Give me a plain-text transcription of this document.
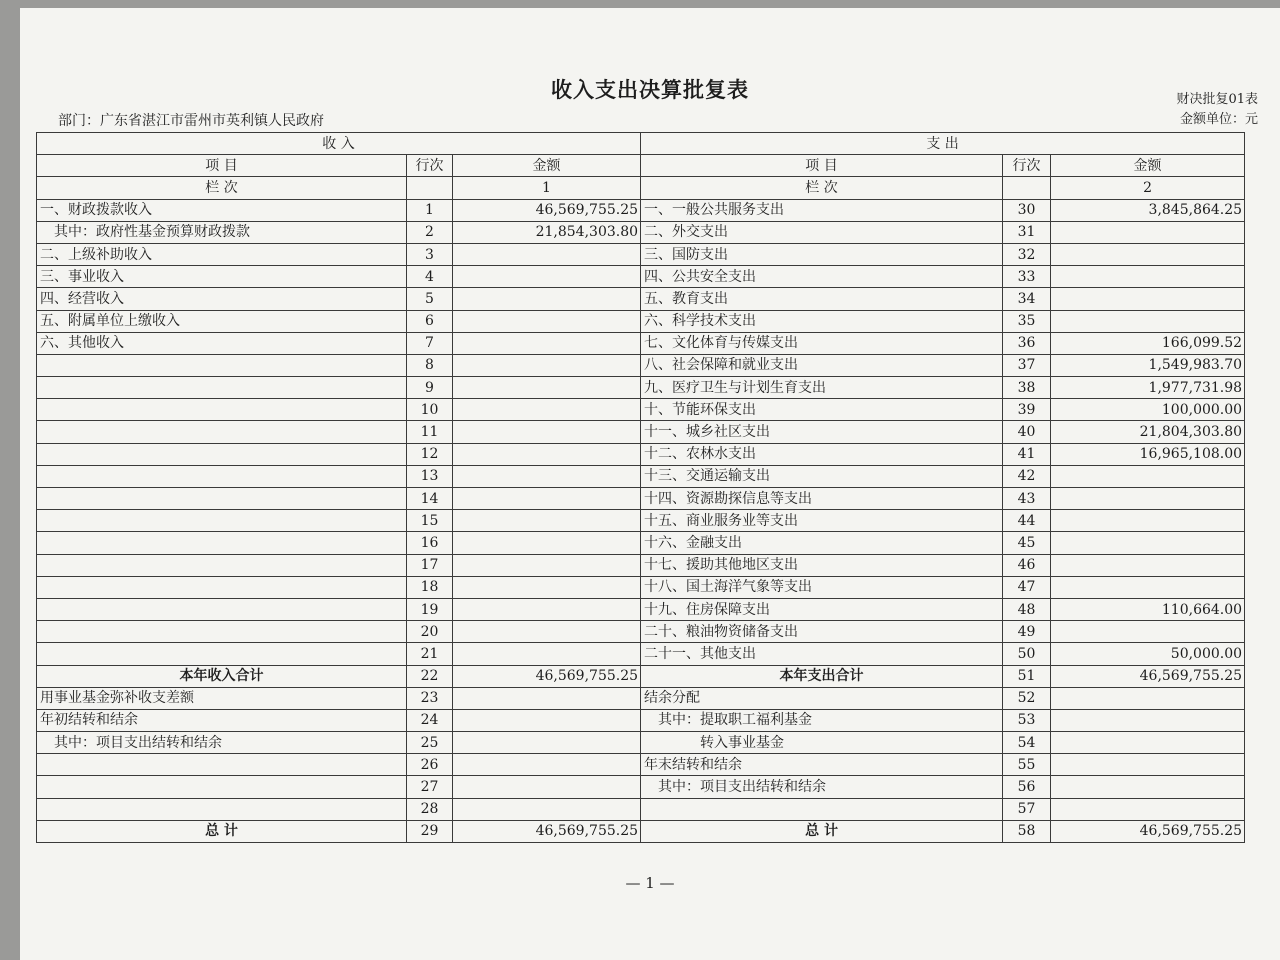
收入支出决算批复表	财决批复01表
金额单位：元
部门：广东省湛江市雷州市英利镇人民政府
收 入			支 出		
项 目	行次	金额	项 目	行次	金额
栏 次		1	栏 次		2
一、财政拨款收入	1	46,569,755.25	一、一般公共服务支出	30	3,845,864.25
　其中：政府性基金预算财政拨款	2	21,854,303.80	二、外交支出	31	
二、上级补助收入	3		三、国防支出	32	
三、事业收入	4		四、公共安全支出	33	
四、经营收入	5		五、教育支出	34	
五、附属单位上缴收入	6		六、科学技术支出	35	
六、其他收入	7		七、文化体育与传媒支出	36	166,099.52
	8		八、社会保障和就业支出	37	1,549,983.70
	9		九、医疗卫生与计划生育支出	38	1,977,731.98
	10		十、节能环保支出	39	100,000.00
	11		十一、城乡社区支出	40	21,804,303.80
	12		十二、农林水支出	41	16,965,108.00
	13		十三、交通运输支出	42	
	14		十四、资源勘探信息等支出	43	
	15		十五、商业服务业等支出	44	
	16		十六、金融支出	45	
	17		十七、援助其他地区支出	46	
	18		十八、国土海洋气象等支出	47	
	19		十九、住房保障支出	48	110,664.00
	20		二十、粮油物资储备支出	49	
	21		二十一、其他支出	50	50,000.00
本年收入合计	22	46,569,755.25	本年支出合计	51	46,569,755.25
用事业基金弥补收支差额	23		结余分配	52	
年初结转和结余	24		　其中：提取职工福利基金	53	
　其中：项目支出结转和结余	25		　　　　转入事业基金	54	
	26		年末结转和结余	55	
	27		　其中：项目支出结转和结余	56	
	28			57	
总 计	29	46,569,755.25	总 计	58	46,569,755.25
— 1 —
